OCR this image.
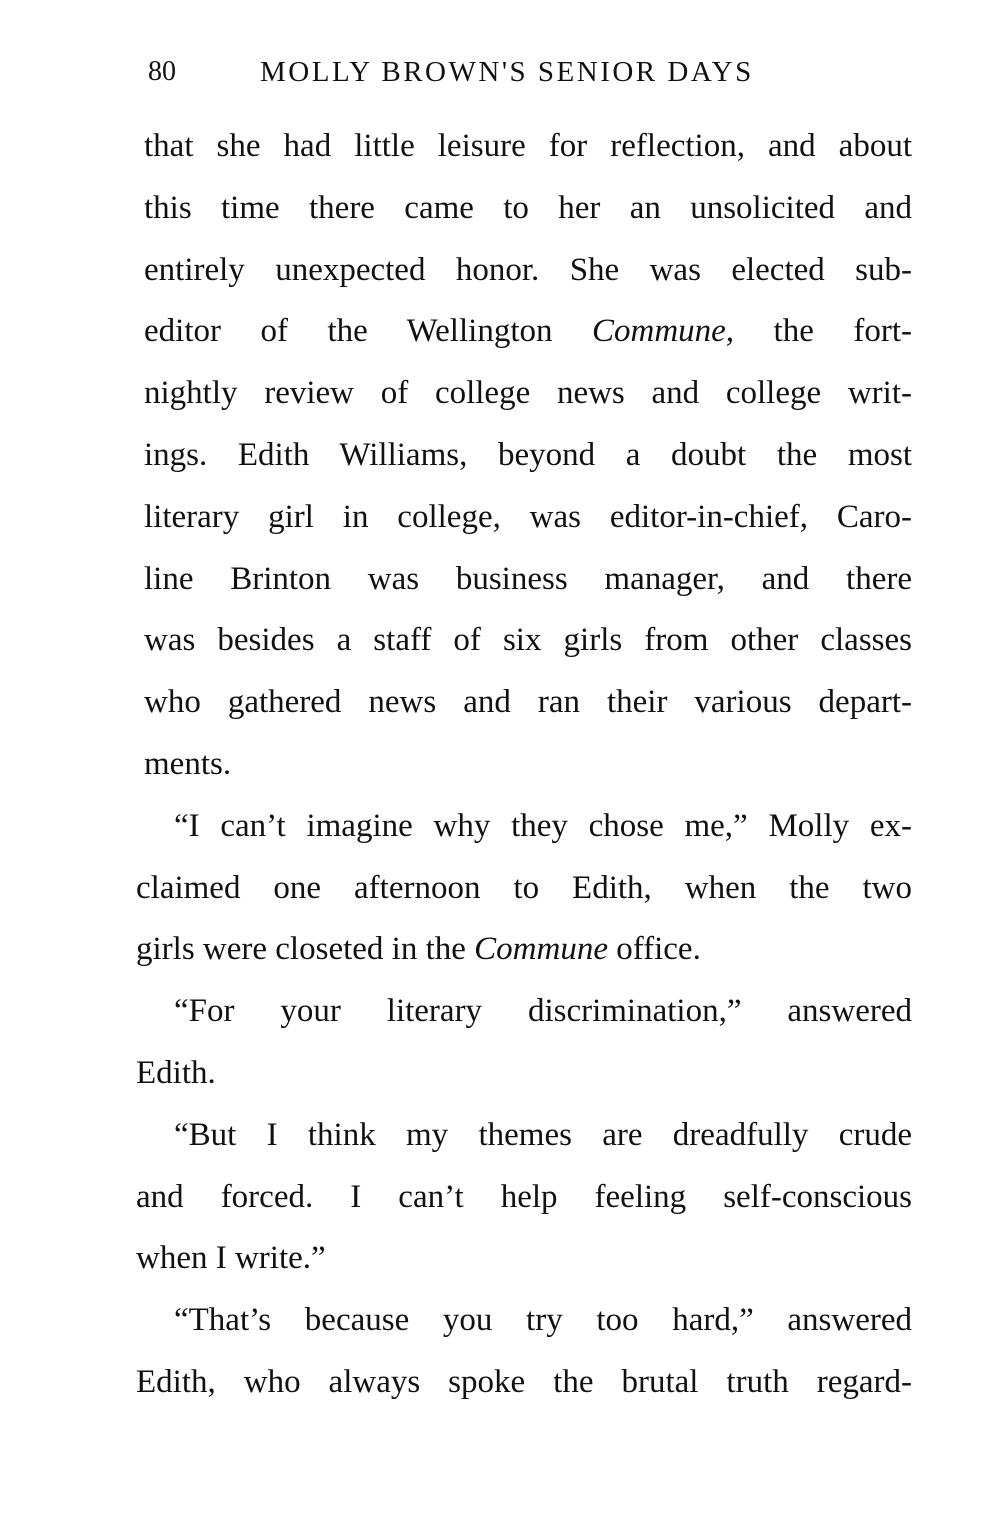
80	MOLLY BROWN'S SENIOR DAYS
that she had little leisure for reflection, and about
this time there came to her an unsolicited and
entirely unexpected honor. She was elected sub-
editor of the Wellington Commune, the fort-
nightly review of college news and college writ-
ings. Edith Williams, beyond a doubt the most
literary girl in college, was editor-in-chief, Caro-
line Brinton was business manager, and there
was besides a staff of six girls from other classes
who gathered news and ran their various depart-
ments.
“I can’t imagine why they chose me,” Molly ex-
claimed one afternoon to Edith, when the two
girls were closeted in the Commune office.
“For your literary discrimination,” answered
Edith.
“But I think my themes are dreadfully crude
and forced. I can’t help feeling self-conscious
when I write.”
“That’s because you try too hard,” answered
Edith, who always spoke the brutal truth regard-
